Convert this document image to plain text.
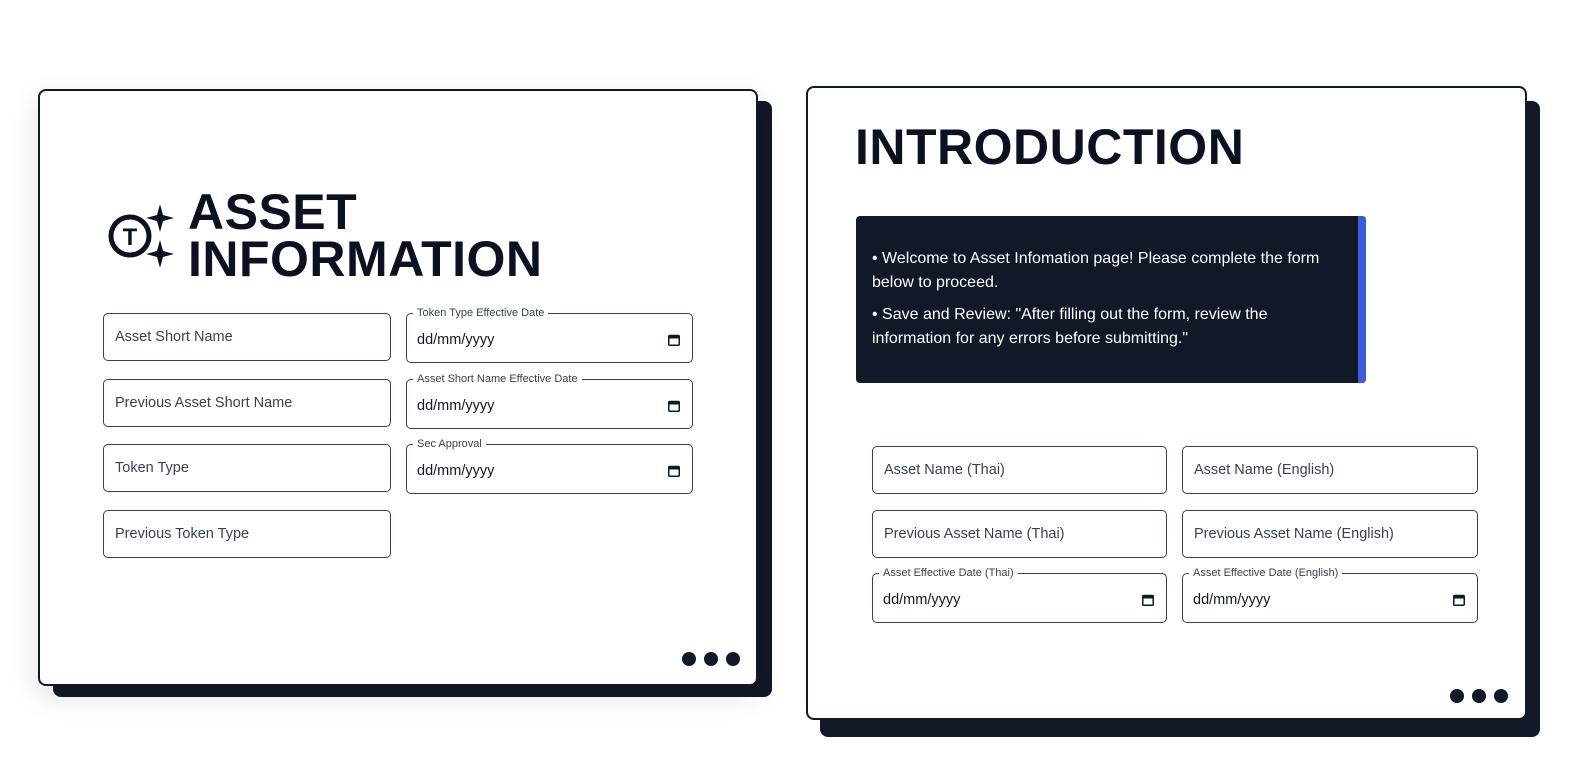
T ASSET
INFORMATION
Asset Short Name
Previous Asset Short Name
Token Type
Previous Token Type
Token Type Effective Date
dd/mm/yyyy
Asset Short Name Effective Date
dd/mm/yyyy
Sec Approval
dd/mm/yyyy
INTRODUCTION

• Welcome to Asset Infomation page! Please complete the form below to proceed.

• Save and Review: "After filling out the form, review the information for any errors before submitting."

Asset Name (Thai)	Asset Name (English)
Previous Asset Name (Thai)	Previous Asset Name (English)
Asset Effective Date (Thai)
dd/mm/yyyy
Asset Effective Date (English)
dd/mm/yyyy
